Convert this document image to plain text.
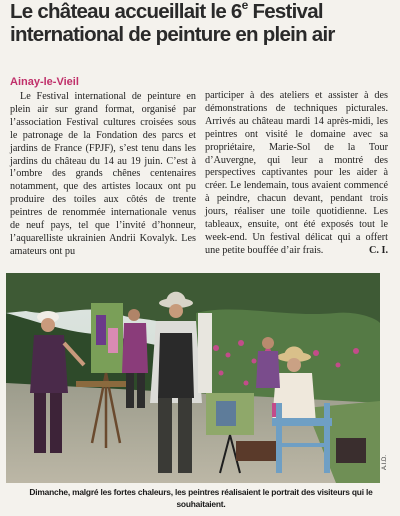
Le château accueillait le 6e Festival
international de peinture en plein air
Ainay-le-Vieil

Le Festival international de peinture en plein air sur grand format, organisé par l’association Festival cultures croisées sous le patronage de la Fondation des parcs et jardins de France (FPJF), s’est tenu dans les jardins du château du 14 au 19 juin. C’est à l’ombre des grands chênes centenaires notamment, que des artistes locaux ont pu produire des toiles aux côtés de trente peintres de renommée internationale venus de neuf pays, tel que l’invité d’honneur, l’aquarelliste ukrainien Andrii Kovalyk. Les amateurs ont pu

participer à des ateliers et assister à des démonstrations de techniques picturales. Arrivés au château mardi 14 après-midi, les peintres ont visité le domaine avec sa propriétaire, Marie-Sol de la Tour d’Auvergne, qui leur a montré des perspectives captivantes pour les aider à créer. Le lendemain, tous avaient commencé à peindre, chacun devant, pendant trois jours, réaliser une toile quotidienne. Les tableaux, ensuite, ont été exposés tout le week-end. Un festival délicat qui a offert une petite bouffée d’air frais.	C. I.

A.I.D.

Dimanche, malgré les fortes chaleurs, les peintres réalisaient le portrait des visiteurs qui le souhaitaient.
